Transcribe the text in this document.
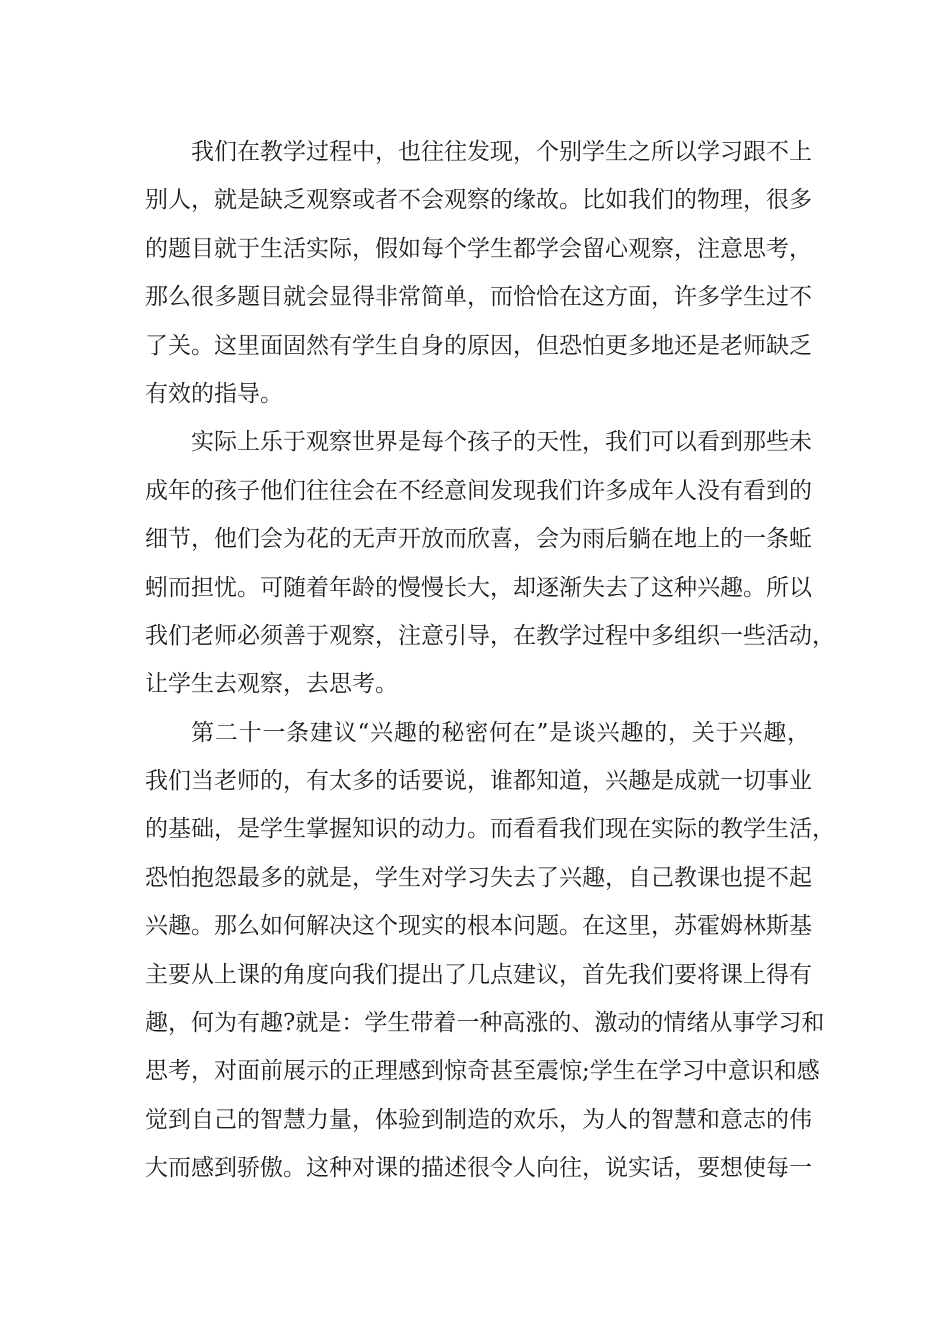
我们在教学过程中，也往往发现，个别学生之所以学习跟不上
别人，就是缺乏观察或者不会观察的缘故。比如我们的物理，很多
的题目就于生活实际，假如每个学生都学会留心观察，注意思考，
那么很多题目就会显得非常简单，而恰恰在这方面，许多学生过不
了关。这里面固然有学生自身的原因，但恐怕更多地还是老师缺乏
有效的指导。
实际上乐于观察世界是每个孩子的天性，我们可以看到那些未
成年的孩子他们往往会在不经意间发现我们许多成年人没有看到的
细节，他们会为花的无声开放而欣喜，会为雨后躺在地上的一条蚯
蚓而担忧。可随着年龄的慢慢长大，却逐渐失去了这种兴趣。所以
我们老师必须善于观察，注意引导，在教学过程中多组织一些活动，
让学生去观察，去思考。
第二十一条建议“兴趣的秘密何在”是谈兴趣的，关于兴趣，
我们当老师的，有太多的话要说，谁都知道，兴趣是成就一切事业
的基础，是学生掌握知识的动力。而看看我们现在实际的教学生活，
恐怕抱怨最多的就是，学生对学习失去了兴趣，自己教课也提不起
兴趣。那么如何解决这个现实的根本问题。在这里，苏霍姆林斯基
主要从上课的角度向我们提出了几点建议，首先我们要将课上得有
趣，何为有趣?就是：学生带着一种高涨的、激动的情绪从事学习和
思考，对面前展示的正理感到惊奇甚至震惊;学生在学习中意识和感
觉到自己的智慧力量，体验到制造的欢乐，为人的智慧和意志的伟
大而感到骄傲。这种对课的描述很令人向往，说实话，要想使每一
